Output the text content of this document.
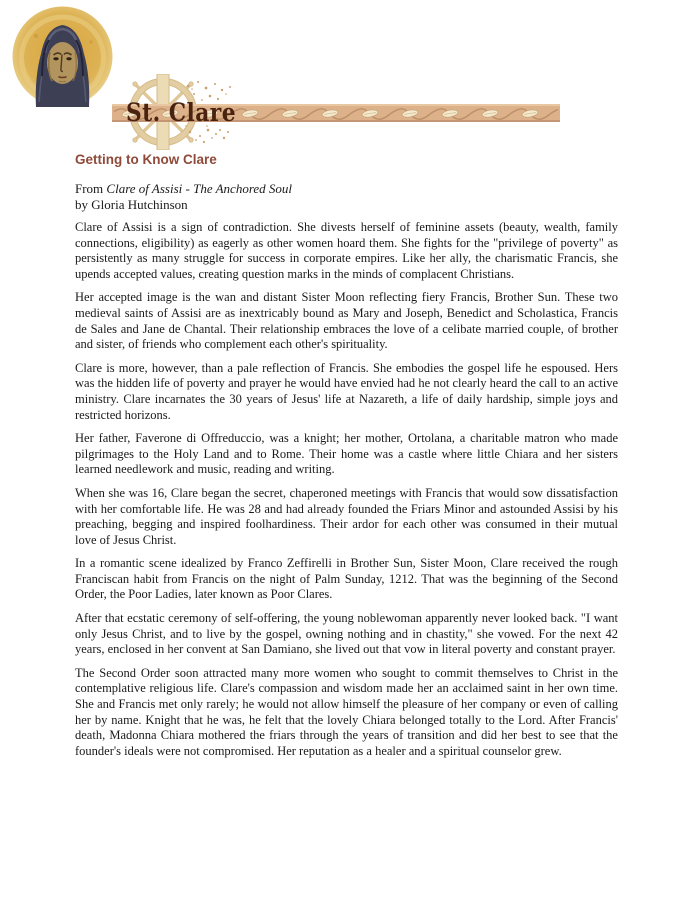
St. Clare
Getting to Know Clare

From Clare of Assisi - The Anchored Soul
by Gloria Hutchinson

Clare of Assisi is a sign of contradiction. She divests herself of feminine assets (beauty, wealth, family connections, eligibility) as eagerly as other women hoard them. She fights for the "privilege of poverty" as persistently as many struggle for success in corporate empires. Like her ally, the charismatic Francis, she upends accepted values, creating question marks in the minds of complacent Christians.

Her accepted image is the wan and distant Sister Moon reflecting fiery Francis, Brother Sun. These two medieval saints of Assisi are as inextricably bound as Mary and Joseph, Benedict and Scholastica, Francis de Sales and Jane de Chantal. Their relationship embraces the love of a celibate married couple, of brother and sister, of friends who complement each other's spirituality.

Clare is more, however, than a pale reflection of Francis. She embodies the gospel life he espoused. Hers was the hidden life of poverty and prayer he would have envied had he not clearly heard the call to an active ministry. Clare incarnates the 30 years of Jesus' life at Nazareth, a life of daily hardship, simple joys and restricted horizons.

Her father, Faverone di Offreduccio, was a knight; her mother, Ortolana, a charitable matron who made pilgrimages to the Holy Land and to Rome. Their home was a castle where little Chiara and her sisters learned needlework and music, reading and writing.

When she was 16, Clare began the secret, chaperoned meetings with Francis that would sow dissatisfaction with her comfortable life. He was 28 and had already founded the Friars Minor and astounded Assisi by his preaching, begging and inspired foolhardiness. Their ardor for each other was consumed in their mutual love of Jesus Christ.

In a romantic scene idealized by Franco Zeffirelli in Brother Sun, Sister Moon, Clare received the rough Franciscan habit from Francis on the night of Palm Sunday, 1212. That was the beginning of the Second Order, the Poor Ladies, later known as Poor Clares.

After that ecstatic ceremony of self-offering, the young noblewoman apparently never looked back. "I want only Jesus Christ, and to live by the gospel, owning nothing and in chastity," she vowed. For the next 42 years, enclosed in her convent at San Damiano, she lived out that vow in literal poverty and constant prayer.

The Second Order soon attracted many more women who sought to commit themselves to Christ in the contemplative religious life. Clare's compassion and wisdom made her an acclaimed saint in her own time. She and Francis met only rarely; he would not allow himself the pleasure of her company or even of calling her by name. Knight that he was, he felt that the lovely Chiara belonged totally to the Lord. After Francis' death, Madonna Chiara mothered the friars through the years of transition and did her best to see that the founder's ideals were not compromised. Her reputation as a healer and a spiritual counselor grew.
